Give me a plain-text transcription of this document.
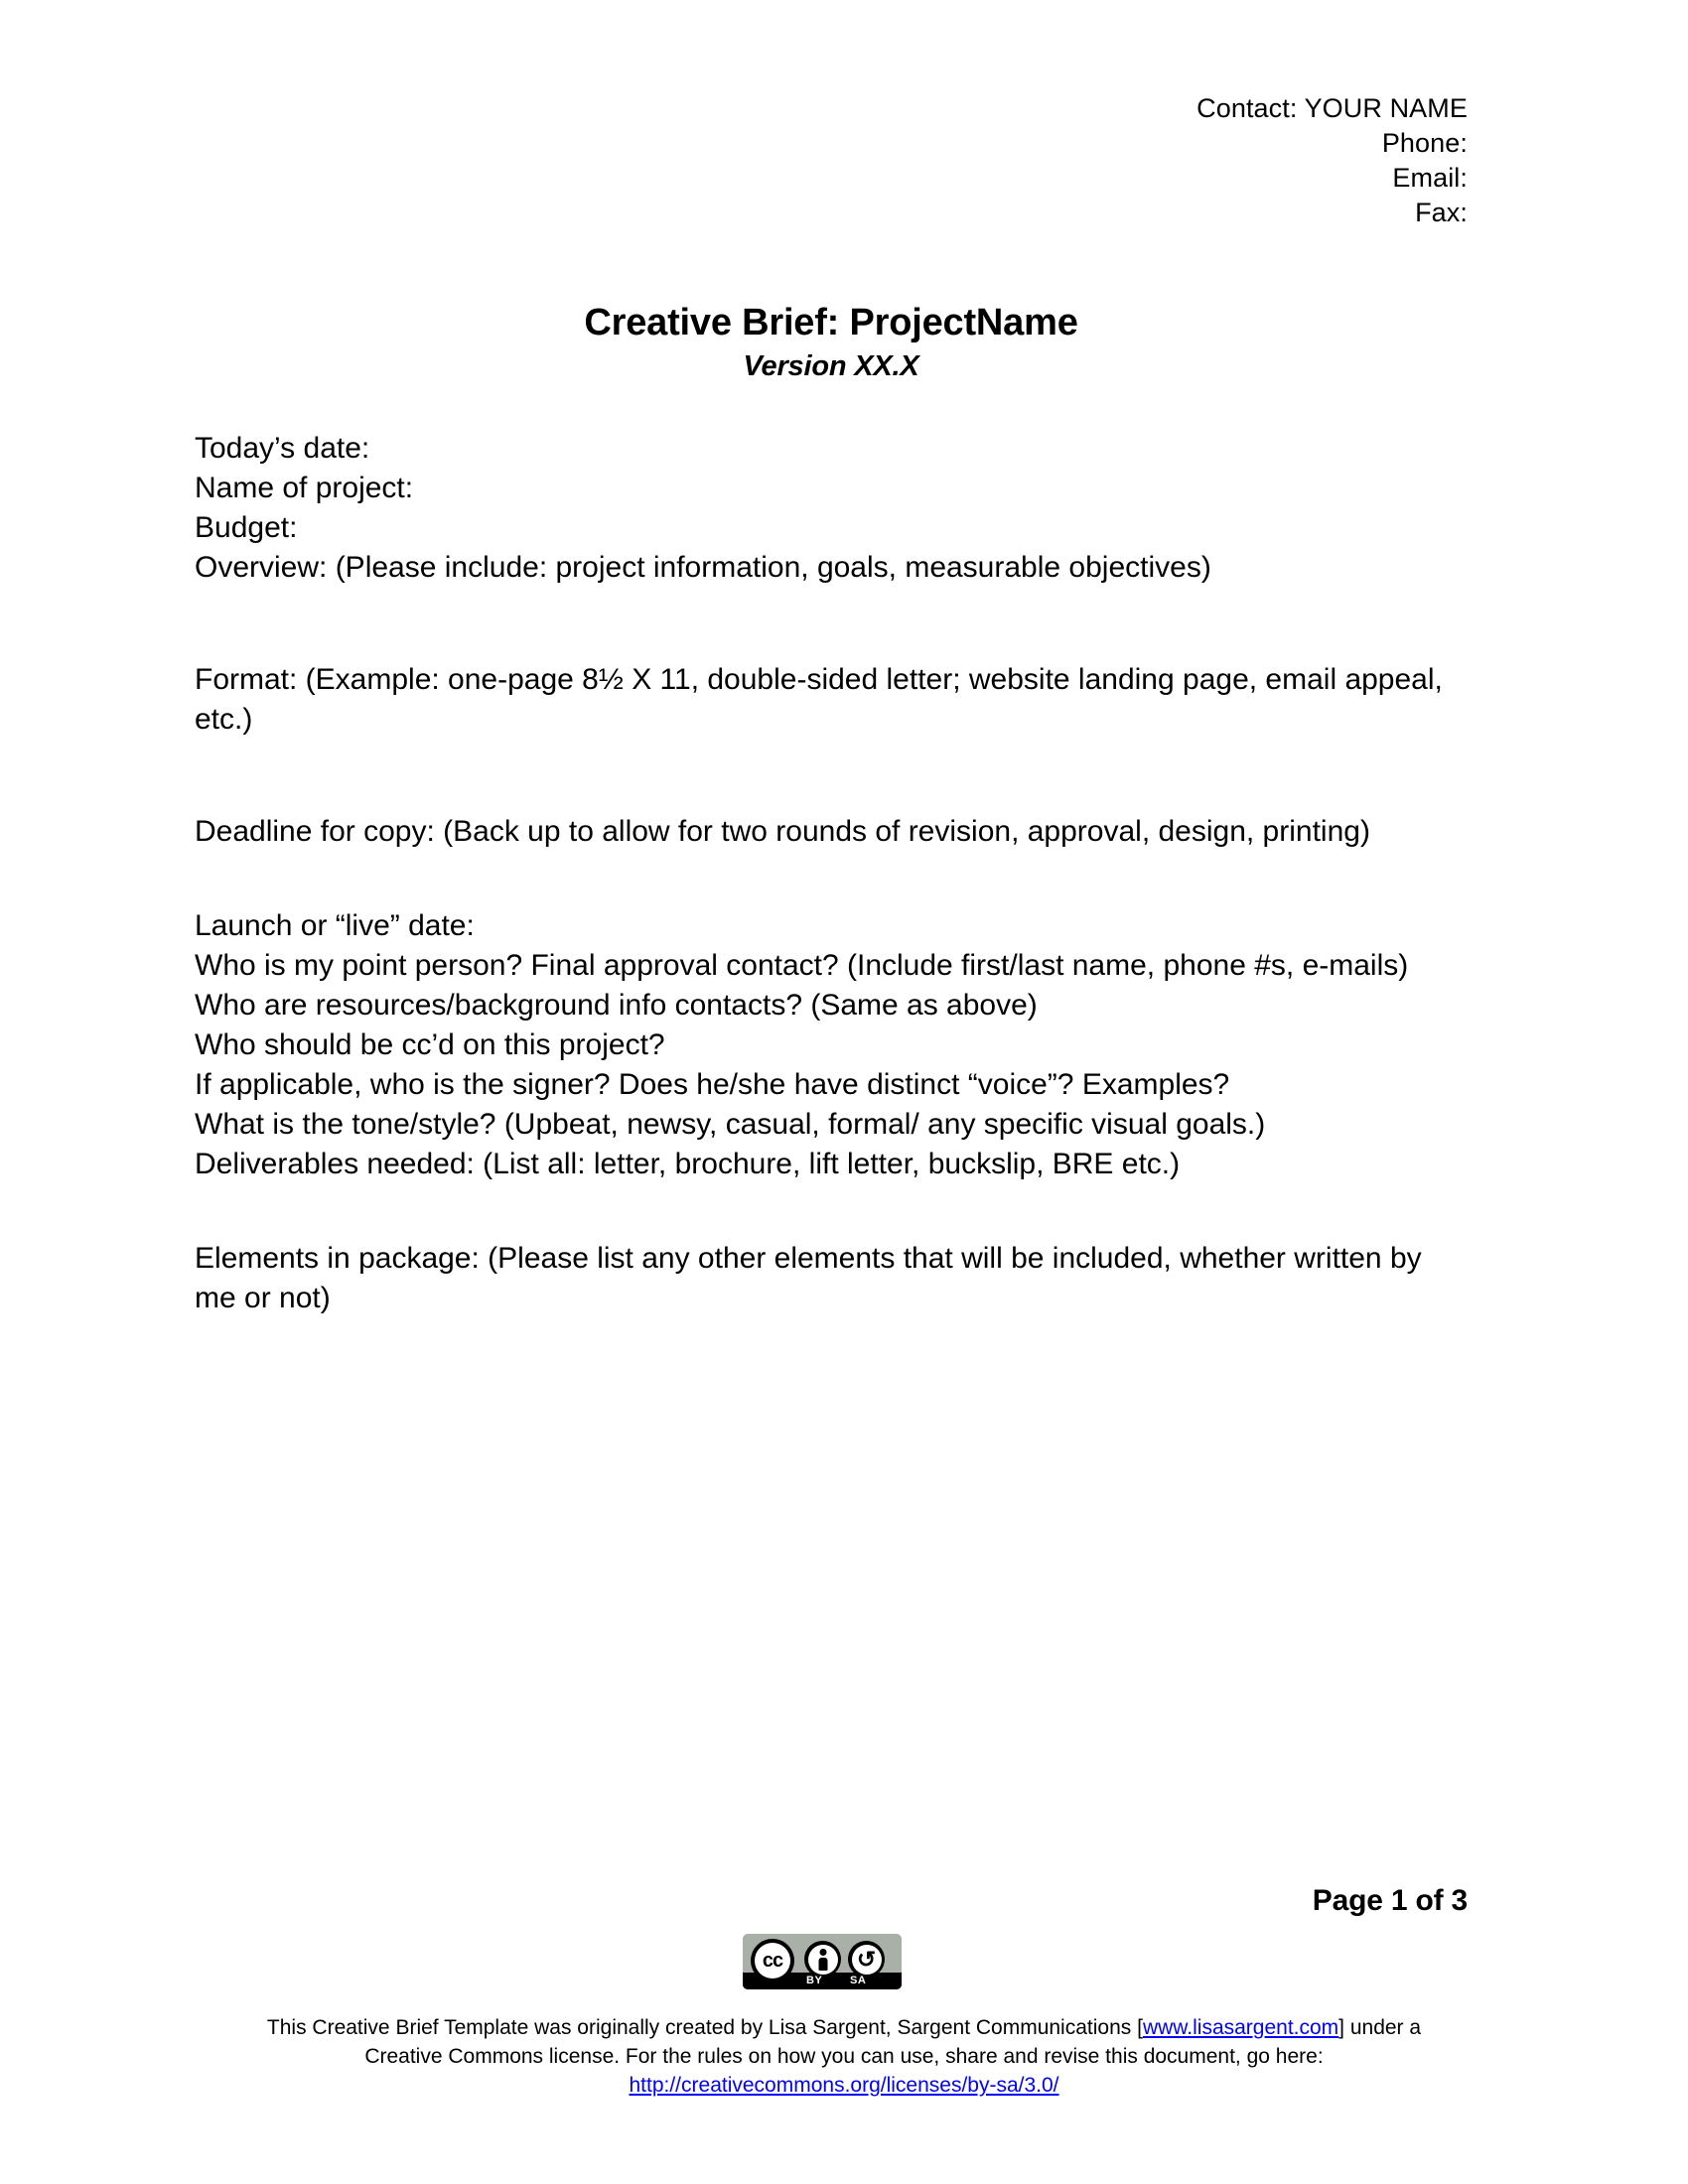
Contact: YOUR NAME
Phone:
Email:
Fax:
Creative Brief: ProjectName
Version XX.X

Today’s date:

Name of project:

Budget:

Overview: (Please include: project information, goals, measurable objectives)

Format: (Example: one-page 8½ X 11, double-sided letter; website landing page, email appeal, etc.)

Deadline for copy: (Back up to allow for two rounds of revision, approval, design, printing)

Launch or “live” date:

Who is my point person? Final approval contact? (Include first/last name, phone #s, e-mails)

Who are resources/background info contacts? (Same as above)

Who should be cc’d on this project?

If applicable, who is the signer? Does he/she have distinct “voice”? Examples?

What is the tone/style? (Upbeat, newsy, casual, formal/ any specific visual goals.)

Deliverables needed: (List all: letter, brochure, lift letter, buckslip, BRE etc.)

Elements in package: (Please list any other elements that will be included, whether written by me or not)

Page 1 of 3
cc	↺
BY	SA
This Creative Brief Template was originally created by Lisa Sargent, Sargent Communications [www.lisasargent.com] under a
Creative Commons license. For the rules on how you can use, share and revise this document, go here:
http://creativecommons.org/licenses/by-sa/3.0/
